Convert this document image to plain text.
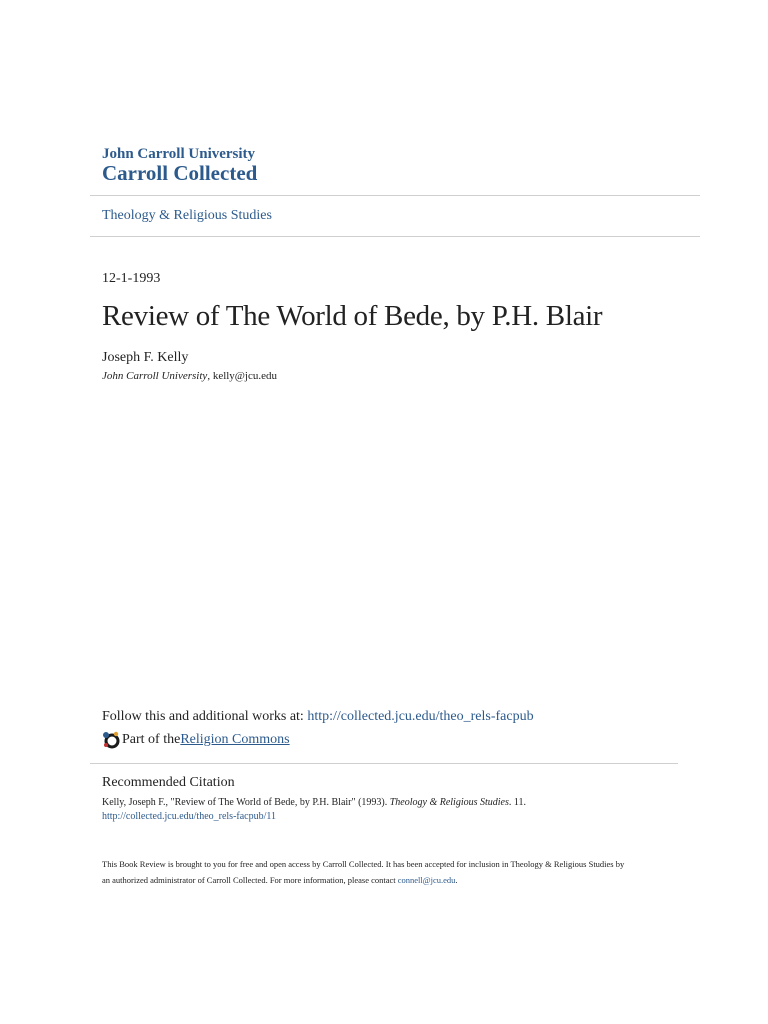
John Carroll University
Carroll Collected
Theology & Religious Studies
12-1-1993
Review of The World of Bede, by P.H. Blair
Joseph F. Kelly
John Carroll University, kelly@jcu.edu
Follow this and additional works at: http://collected.jcu.edu/theo_rels-facpub
Part of the Religion Commons
Recommended Citation
Kelly, Joseph F., "Review of The World of Bede, by P.H. Blair" (1993). Theology & Religious Studies. 11.
http://collected.jcu.edu/theo_rels-facpub/11
This Book Review is brought to you for free and open access by Carroll Collected. It has been accepted for inclusion in Theology & Religious Studies by
an authorized administrator of Carroll Collected. For more information, please contact connell@jcu.edu.
